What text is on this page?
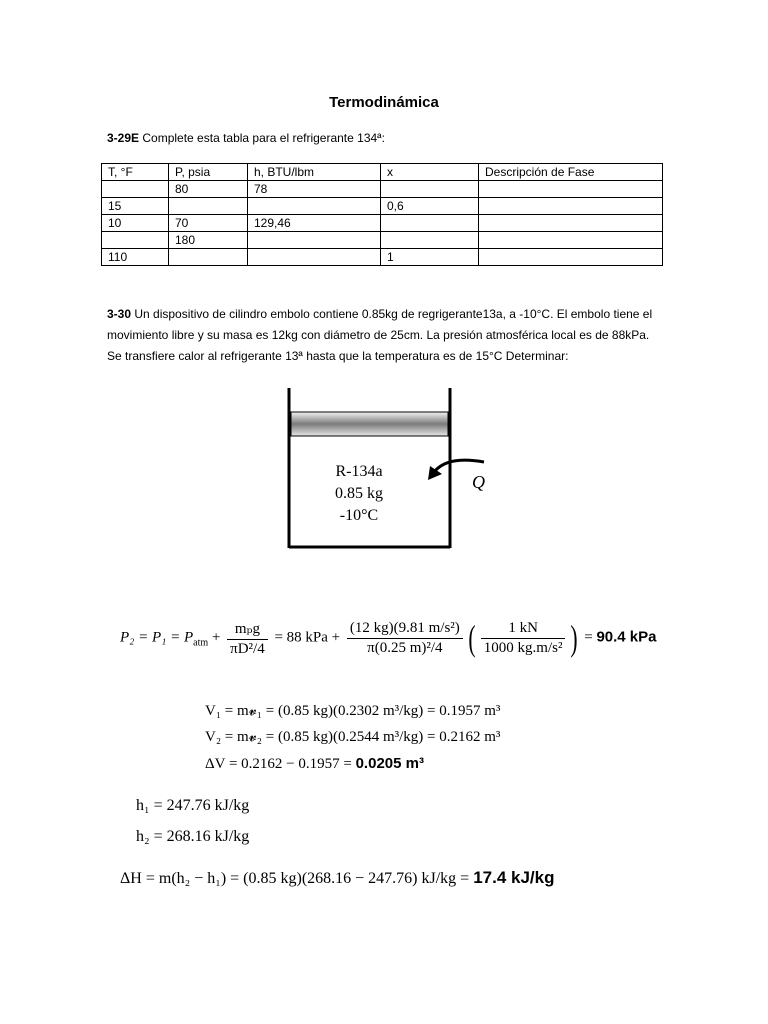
Termodinámica
3-29E Complete esta tabla para el refrigerante 134ª:
T, °F	P, psia	h, BTU/lbm	x	Descripción de Fase
	80	78		
15			0,6	
10	70	129,46		
	180			
110			1	
3-30 Un dispositivo de cilindro embolo contiene 0.85kg de regrigerante13a, a -10°C. El embolo tiene el movimiento libre y su masa es 12kg con diámetro de 25cm. La presión atmosférica local es de 88kPa. Se transfiere calor al refrigerante 13ª hasta que la temperatura es de 15°C Determinar:
R-134a
0.85 kg
-10°C
Q
$P_2 = P_1 = P_{atm} + \frac{\text{mₚg}}{\text{πD²/4}} = 88$ kPa + $\frac{\text{(12 kg)(9.81 m/s²)}}{\text{π(0.25 m)²/4}}$ ( $\frac{1 kN}{\text{1000 kg.m/s²}}$ ) = 90.4 kPa
V₁ = m𝓿₁ = (0.85 kg)(0.2302 m³/kg) = 0.1957 m³
V₂ = m𝓿₂ = (0.85 kg)(0.2544 m³/kg) = 0.2162 m³
ΔV = 0.2162 − 0.1957 = 0.0205 m³
h₁ = 247.76 kJ/kg
h₂ = 268.16 kJ/kg
ΔH = m(h₂ − h₁) = (0.85 kg)(268.16 − 247.76) kJ/kg = 17.4 kJ/kg
